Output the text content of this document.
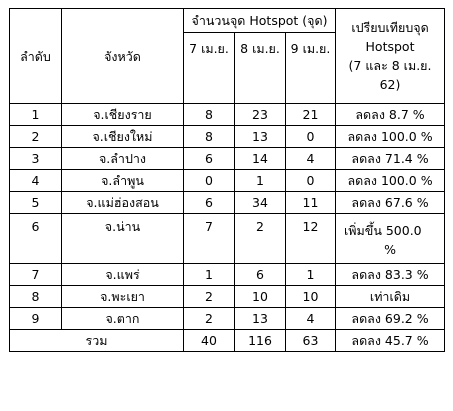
ลำดับ	จังหวัด	จำนวนจุด Hotspot (จุด)			เปรียบเทียบจุด
Hotspot
(7 และ 8 เม.ย.
62)

		7 เม.ย.	8 เม.ย.	9 เม.ย.	

1	จ.เชียงราย	8	23	21	ลดลง 8.7 %
2	จ.เชียงใหม่	8	13	0	ลดลง 100.0 %
3	จ.ลำปาง	6	14	4	ลดลง 71.4 %
4	จ.ลำพูน	0	1	0	ลดลง 100.0 %
5	จ.แม่ฮ่องสอน	6	34	11	ลดลง 67.6 %
6	จ.น่าน	7	2	12	เพิ่มขึ้น 500.0
%

7	จ.แพร่	1	6	1	ลดลง 83.3 %
8	จ.พะเยา	2	10	10	เท่าเดิม
9	จ.ตาก	2	13	4	ลดลง 69.2 %
รวม		40	116	63	ลดลง 45.7 %
